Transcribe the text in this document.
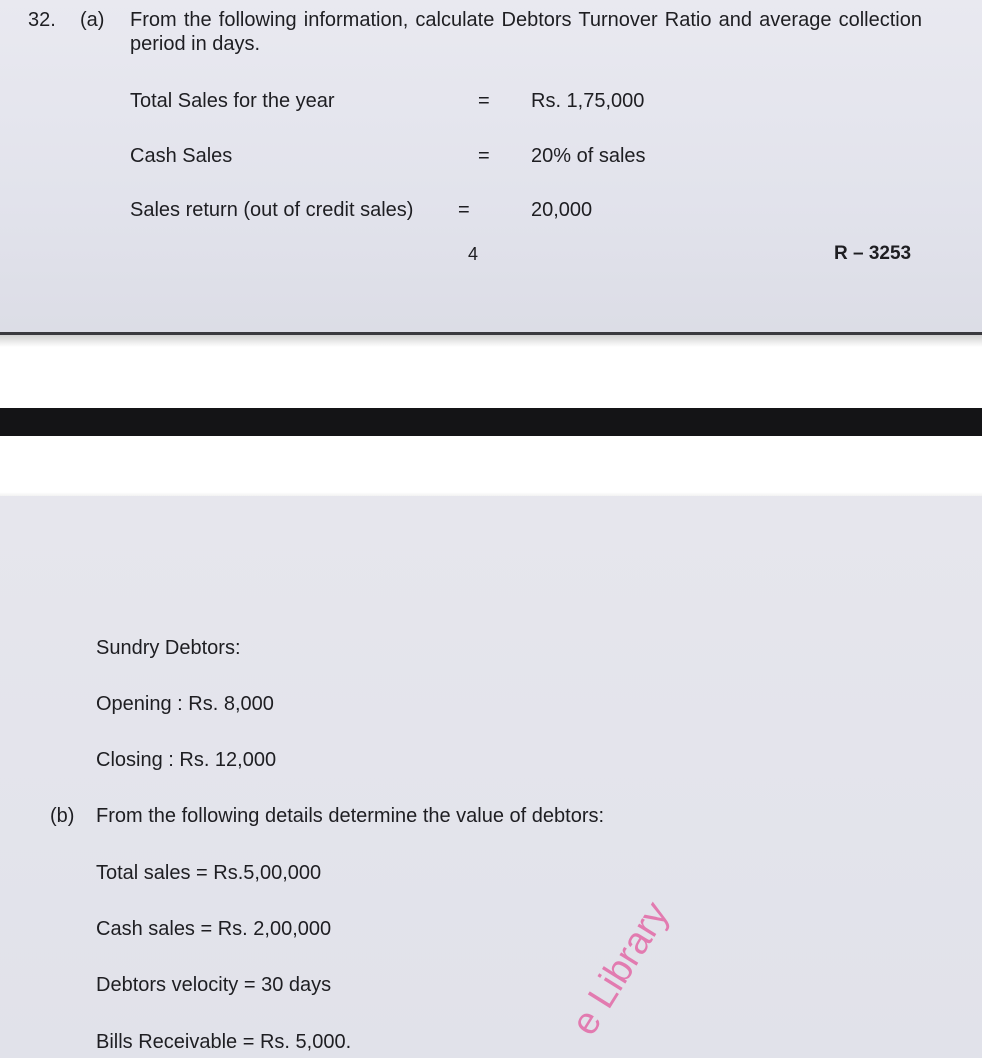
32. (a) From the following information, calculate Debtors Turnover Ratio and average collection period in days.
Total Sales for the year	= Rs. 1,75,000
Cash Sales	= 20% of sales
Sales return (out of credit sales) =	20,000
4	R – 3253
Sundry Debtors:
Opening : Rs. 8,000
Closing : Rs. 12,000
(b) From the following details determine the value of debtors:
Total sales = Rs.5,00,000
Cash sales = Rs. 2,00,000
Debtors velocity = 30 days
Bills Receivable = Rs. 5,000.	e Library
